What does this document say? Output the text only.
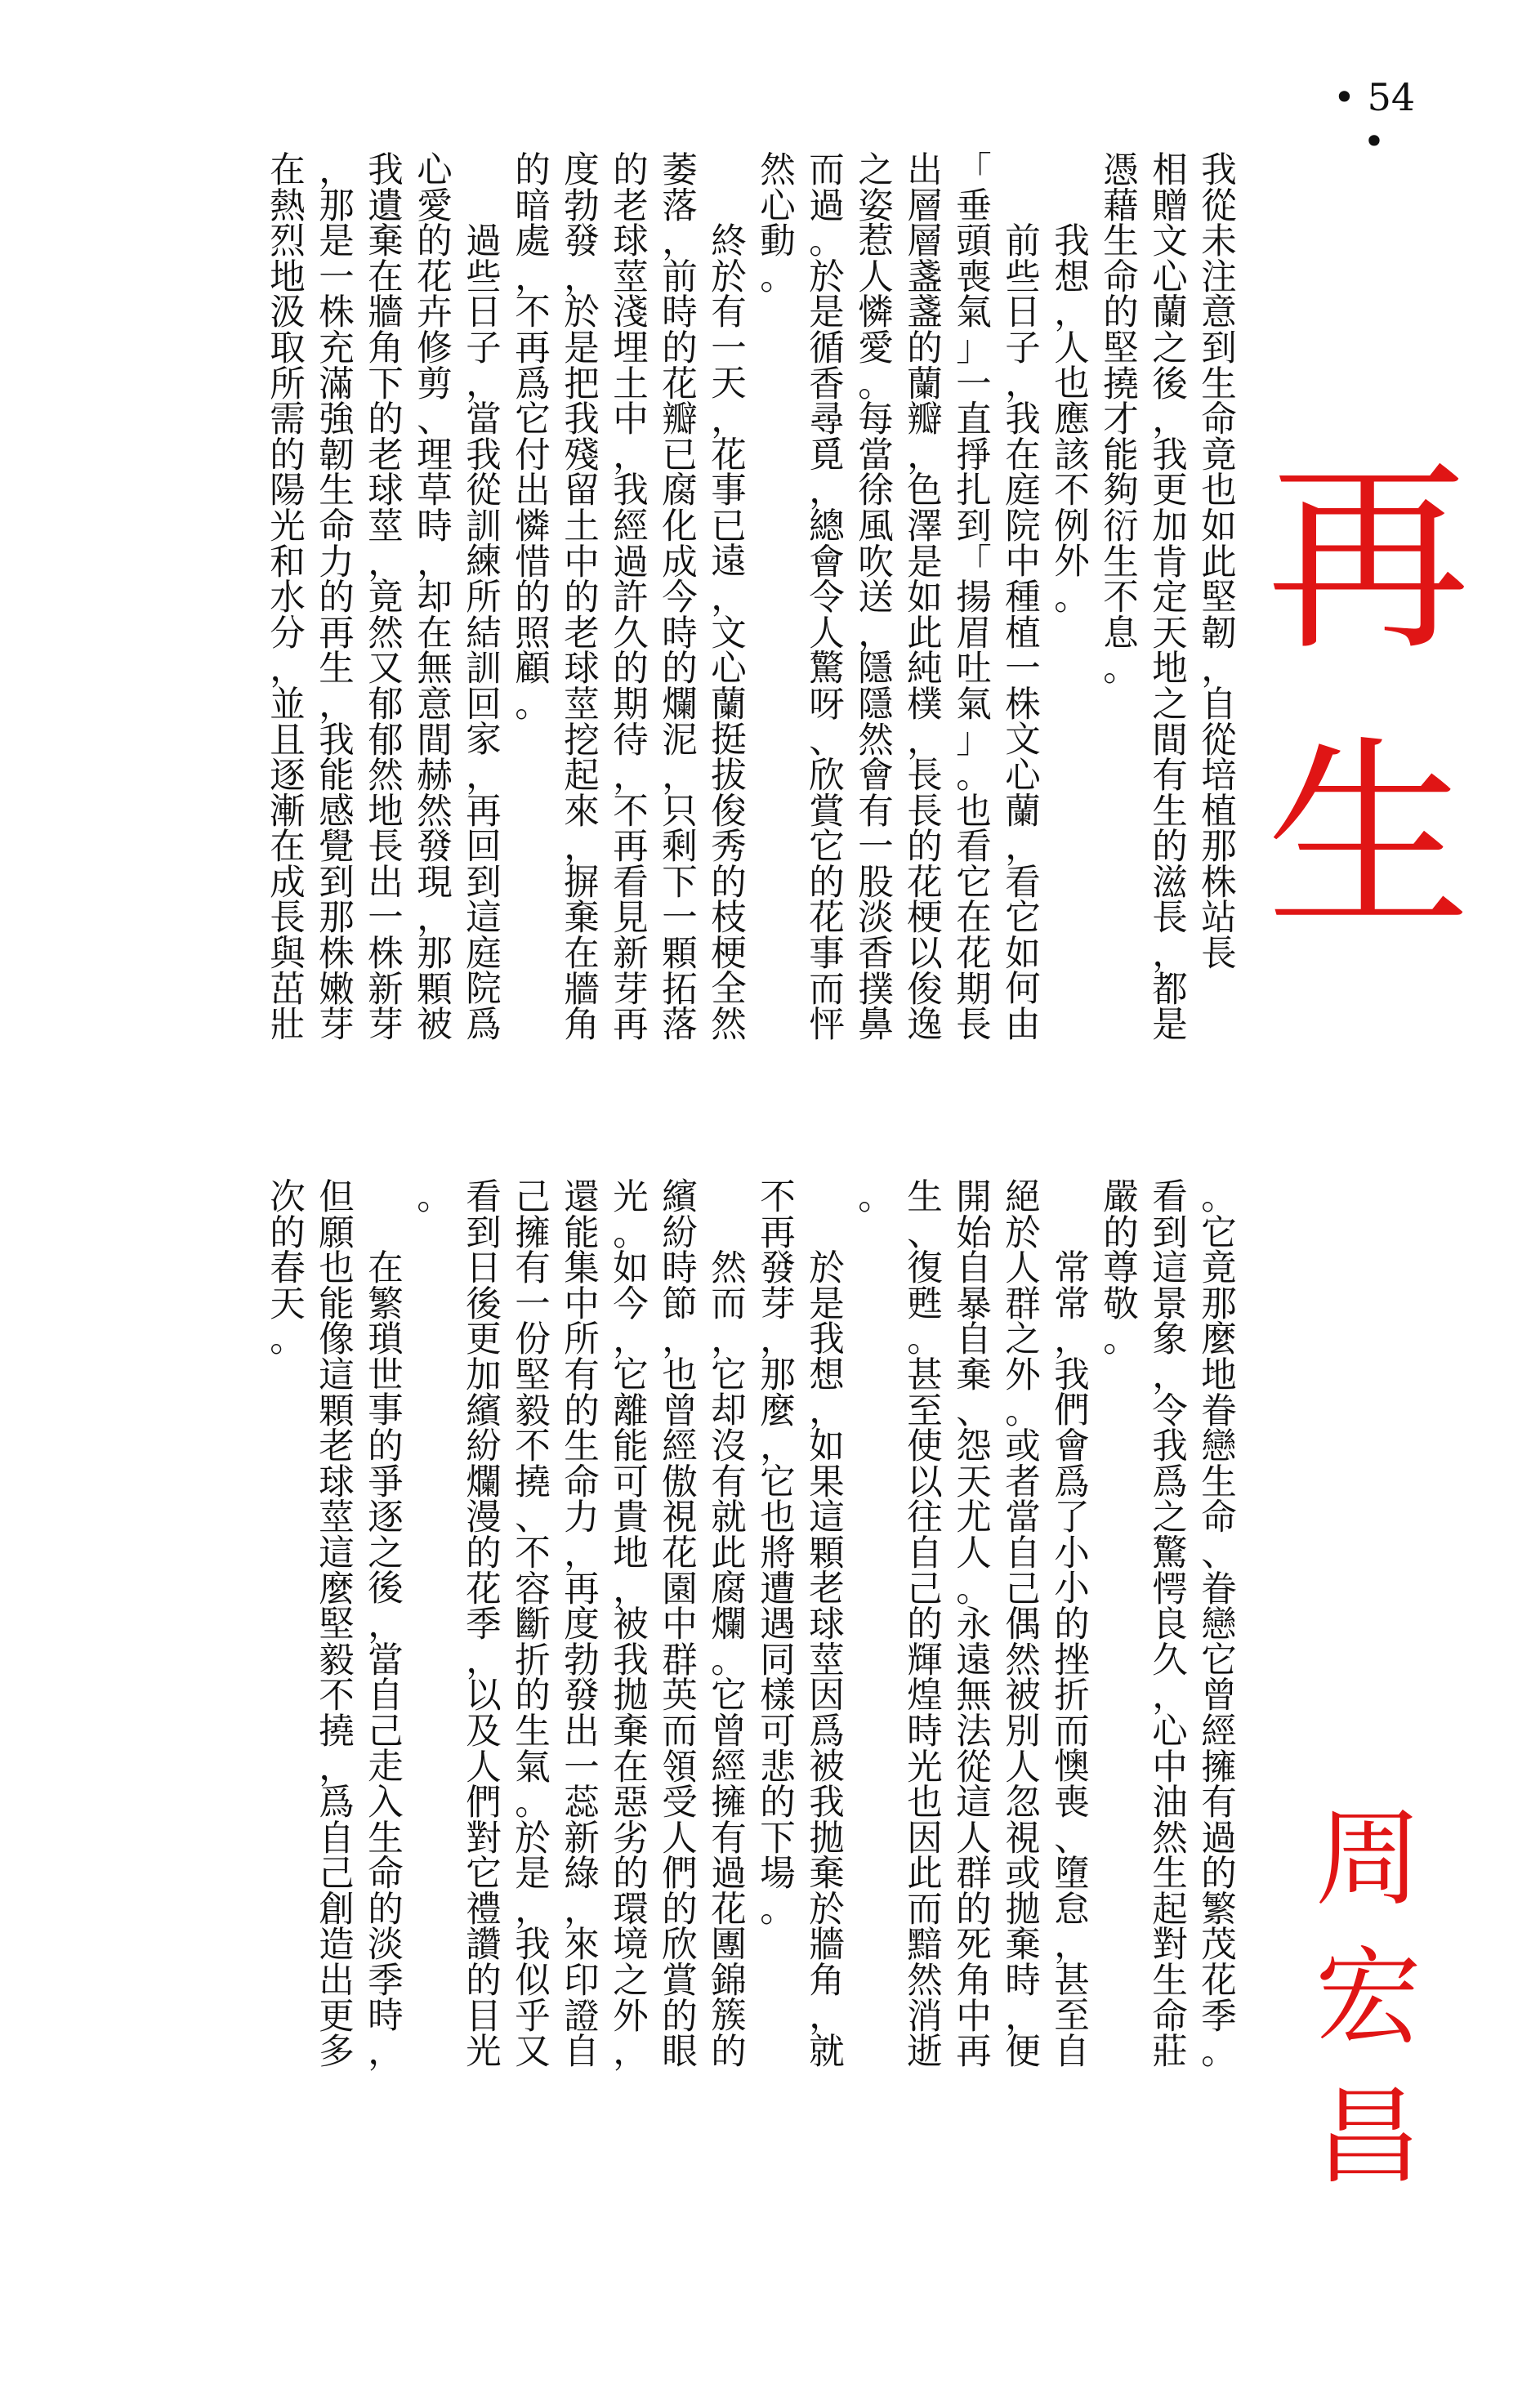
• 54 •
再
生
周
宏
昌
我
從
未
注
意
到
生
命
竟
也
如
此
堅
韌
，
自
從
培
植
那
株
站
長
相
贈
文
心
蘭
之
後
，
我
更
加
肯
定
天
地
之
間
有
生
的
滋
長
，
都
是
憑
藉
生
命
的
堅
撓
才
能
夠
衍
生
不
息
。
我
想
，
人
也
應
該
不
例
外
。
前
些
日
子
，
我
在
庭
院
中
種
植
一
株
文
心
蘭
，
看
它
如
何
由
「
垂
頭
喪
氣
」
一
直
掙
扎
到
「
揚
眉
吐
氣
」
。
也
看
它
在
花
期
長
出
層
層
盞
盞
的
蘭
瓣
，
色
澤
是
如
此
純
樸
，
長
長
的
花
梗
以
俊
逸
之
姿
惹
人
憐
愛
。
每
當
徐
風
吹
送
，
隱
隱
然
會
有
一
股
淡
香
撲
鼻
而
過
。
於
是
循
香
尋
覓
，
總
會
令
人
驚
呀
、
欣
賞
它
的
花
事
而
怦
然
心
動
。
終
於
有
一
天
，
花
事
已
遠
，
文
心
蘭
挺
拔
俊
秀
的
枝
梗
全
然
萎
落
，
前
時
的
花
瓣
已
腐
化
成
今
時
的
爛
泥
，
只
剩
下
一
顆
拓
落
的
老
球
莖
淺
埋
土
中
，
我
經
過
許
久
的
期
待
，
不
再
看
見
新
芽
再
度
勃
發
，
於
是
把
我
殘
留
土
中
的
老
球
莖
挖
起
來
，
摒
棄
在
牆
角
的
暗
處
，
不
再
爲
它
付
出
憐
惜
的
照
顧
。
過
些
日
子
，
當
我
從
訓
練
所
結
訓
回
家
，
再
回
到
這
庭
院
爲
心
愛
的
花
卉
修
剪
、
理
草
時
，
却
在
無
意
間
赫
然
發
現
，
那
顆
被
我
遺
棄
在
牆
角
下
的
老
球
莖
，
竟
然
又
郁
郁
然
地
長
出
一
株
新
芽
，
那
是
一
株
充
滿
強
韌
生
命
力
的
再
生
，
我
能
感
覺
到
那
株
嫩
芽
在
熱
烈
地
汲
取
所
需
的
陽
光
和
水
分
，
並
且
逐
漸
在
成
長
與
茁
壯
。
它
竟
那
麼
地
眷
戀
生
命
、
眷
戀
它
曾
經
擁
有
過
的
繁
茂
花
季
。
看
到
這
景
象
，
令
我
爲
之
驚
愕
良
久
，
心
中
油
然
生
起
對
生
命
莊
嚴
的
尊
敬
。
常
常
，
我
們
會
爲
了
小
小
的
挫
折
而
懊
喪
、
墮
怠
，
甚
至
自
絕
於
人
群
之
外
。
或
者
當
自
己
偶
然
被
別
人
忽
視
或
拋
棄
時
，
便
開
始
自
暴
自
棄
、
怨
天
尤
人
。
永
遠
無
法
從
這
人
群
的
死
角
中
再
生
、
復
甦
。
甚
至
使
以
往
自
己
的
輝
煌
時
光
也
因
此
而
黯
然
消
逝
。
於
是
我
想
，
如
果
這
顆
老
球
莖
因
爲
被
我
拋
棄
於
牆
角
，
就
不
再
發
芽
，
那
麼
，
它
也
將
遭
遇
同
樣
可
悲
的
下
場
。
然
而
，
它
却
沒
有
就
此
腐
爛
。
它
曾
經
擁
有
過
花
團
錦
簇
的
繽
紛
時
節
，
也
曾
經
傲
視
花
園
中
群
英
而
領
受
人
們
的
欣
賞
的
眼
光
。
如
今
，
它
離
能
可
貴
地
，
被
我
拋
棄
在
惡
劣
的
環
境
之
外
，
還
能
集
中
所
有
的
生
命
力
，
再
度
勃
發
出
一
蕊
新
綠
，
來
印
證
自
己
擁
有
一
份
堅
毅
不
撓
、
不
容
斷
折
的
生
氣
。
於
是
，
我
似
乎
又
看
到
日
後
更
加
繽
紛
爛
漫
的
花
季
，
以
及
人
們
對
它
禮
讚
的
目
光
。
在
繁
瑣
世
事
的
爭
逐
之
後
，
當
自
己
走
入
生
命
的
淡
季
時
，
但
願
也
能
像
這
顆
老
球
莖
這
麼
堅
毅
不
撓
，
爲
自
己
創
造
出
更
多
次
的
春
天
。
